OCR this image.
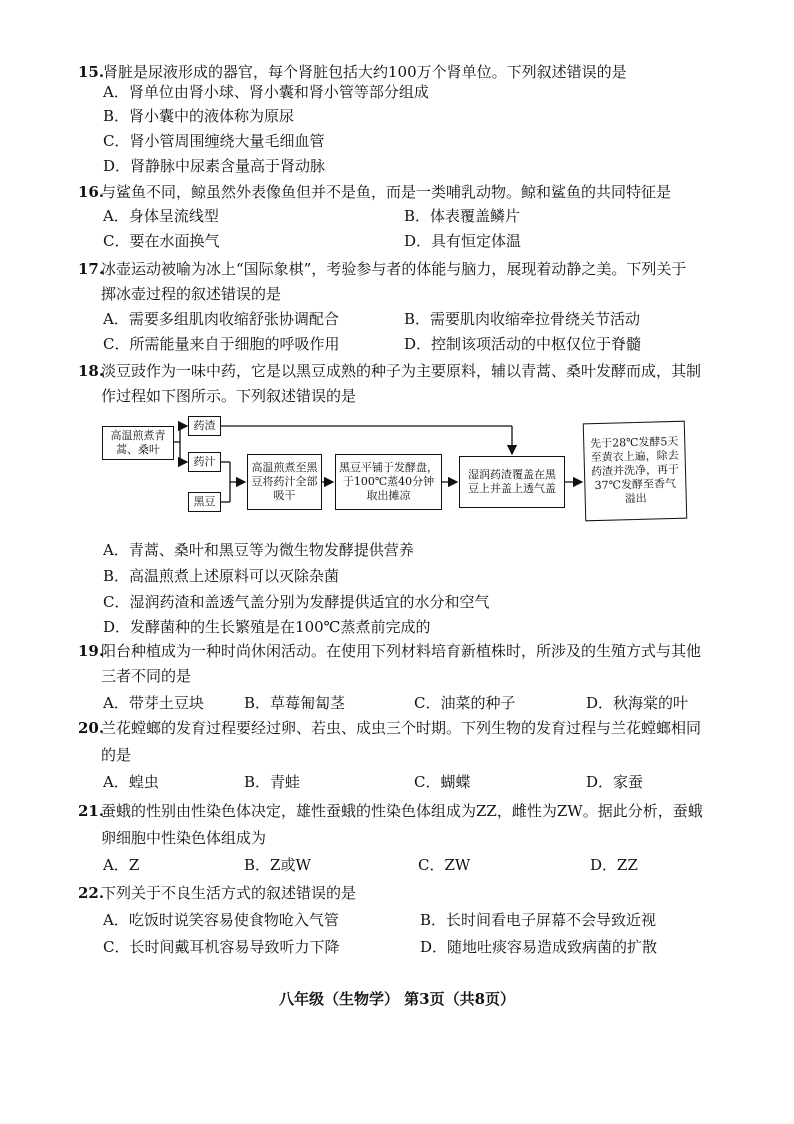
15.
肾脏是尿液形成的器官，每个肾脏包括大约100万个肾单位。下列叙述错误的是
A．肾单位由肾小球、肾小囊和肾小管等部分组成
B．肾小囊中的液体称为原尿
C．肾小管周围缠绕大量毛细血管
D．肾静脉中尿素含量高于肾动脉
16.
与鲨鱼不同，鲸虽然外表像鱼但并不是鱼，而是一类哺乳动物。鲸和鲨鱼的共同特征是
A．身体呈流线型	B．体表覆盖鳞片
C．要在水面换气	D．具有恒定体温
17.
冰壶运动被喻为冰上“国际象棋”，考验参与者的体能与脑力，展现着动静之美。下列关于
掷冰壶过程的叙述错误的是
A．需要多组肌肉收缩舒张协调配合	B．需要肌肉收缩牵拉骨绕关节活动
C．所需能量来自于细胞的呼吸作用	D．控制该项活动的中枢仅位于脊髓
18.
淡豆豉作为一味中药，它是以黑豆成熟的种子为主要原料，辅以青蒿、桑叶发酵而成，其制
作过程如下图所示。下列叙述错误的是
高温煎煮青蒿、桑叶
药渣
药汁
黑豆
高温煎煮至黑豆将药汁全部吸干
黑豆平铺于发酵盘，于100℃蒸40分钟取出摊凉
湿润药渣覆盖在黑豆上并盖上透气盖
先于28℃发酵5天至黄衣上遍，除去药渣并洗净，再于37℃发酵至香气溢出
A．青蒿、桑叶和黑豆等为微生物发酵提供营养
B．高温煎煮上述原料可以灭除杂菌
C．湿润药渣和盖透气盖分别为发酵提供适宜的水分和空气
D．发酵菌种的生长繁殖是在100℃蒸煮前完成的
19.
阳台种植成为一种时尚休闲活动。在使用下列材料培育新植株时，所涉及的生殖方式与其他
三者不同的是
A．带芽土豆块	B．草莓匍匐茎	C．油菜的种子	D．秋海棠的叶
20.
兰花螳螂的发育过程要经过卵、若虫、成虫三个时期。下列生物的发育过程与兰花螳螂相同
的是
A．蝗虫	B．青蛙	C．蝴蝶	D．家蚕
21.
蚕蛾的性别由性染色体决定，雄性蚕蛾的性染色体组成为ZZ，雌性为ZW。据此分析，蚕蛾
卵细胞中性染色体组成为
A．Z	B．Z或W	C．ZW	D．ZZ
22.
下列关于不良生活方式的叙述错误的是
A．吃饭时说笑容易使食物呛入气管	B．长时间看电子屏幕不会导致近视
C．长时间戴耳机容易导致听力下降	D．随地吐痰容易造成致病菌的扩散
八年级（生物学） 第3页（共8页）
